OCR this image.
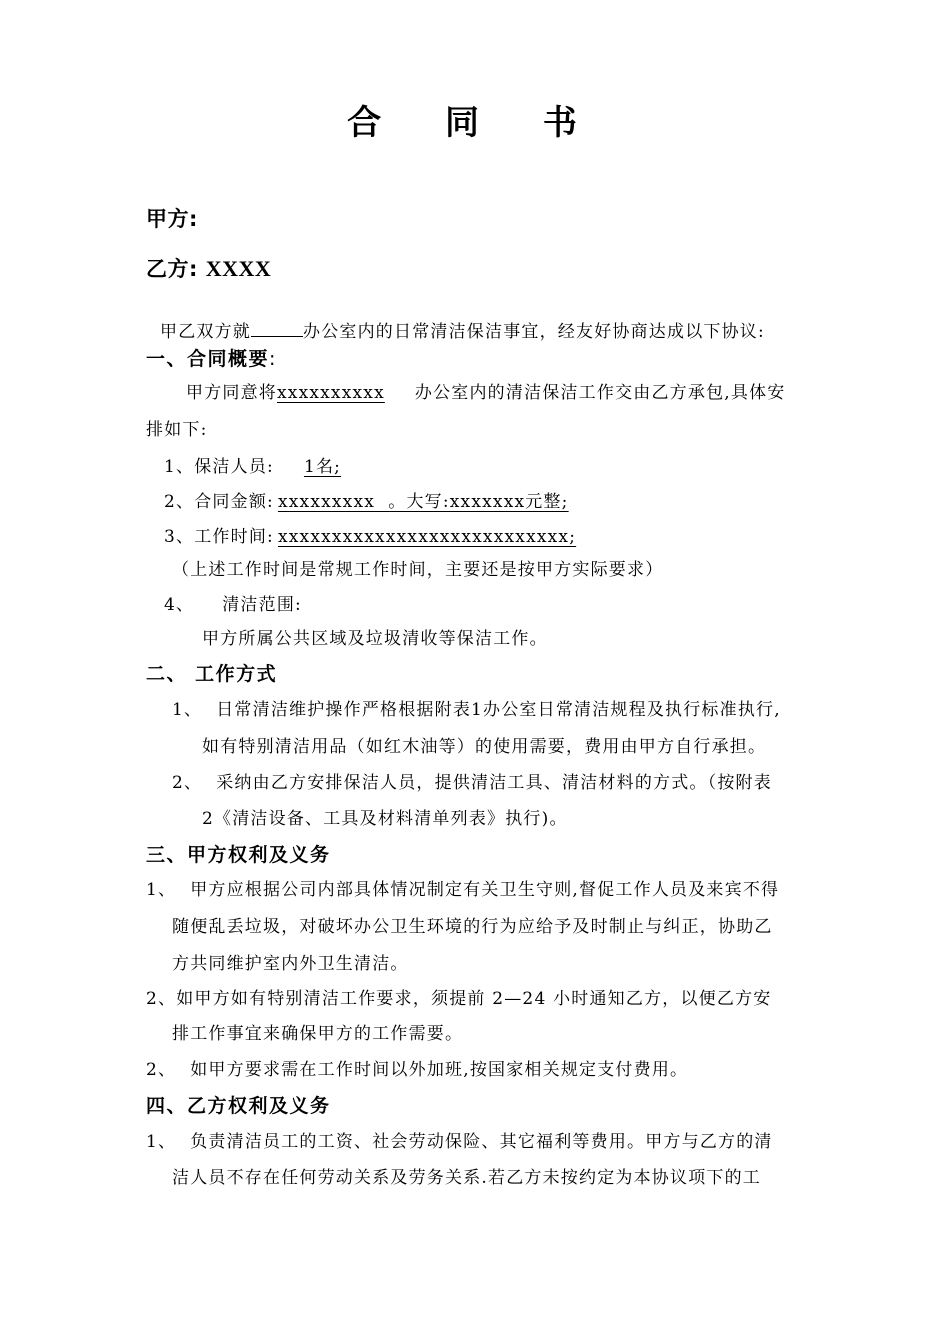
合 同 书
甲方:
乙方: XXXX
甲乙双方就	办公室内的日常清洁保洁事宜，经友好协商达成以下协议:
一、合同概要:
甲方同意将xxxxxxxxxx 办公室内的清洁保洁工作交由乙方承包,具体安
排如下:
1、保洁人员: 1名;
2、合同金额: xxxxxxxxx  。大写:xxxxxxx元整;
3、工作时间: xxxxxxxxxxxxxxxxxxxxxxxxxxx;
（上述工作时间是常规工作时间，主要还是按甲方实际要求）
4、 清洁范围:
甲方所属公共区域及垃圾清收等保洁工作。
二、 工作方式
1、 日常清洁维护操作严格根据附表1办公室日常清洁规程及执行标准执行,
如有特别清洁用品（如红木油等）的使用需要，费用由甲方自行承担。
2、 采纳由乙方安排保洁人员，提供清洁工具、清洁材料的方式。（按附表
2《清洁设备、工具及材料清单列表》执行)。
三、甲方权利及义务
1、 甲方应根据公司内部具体情况制定有关卫生守则,督促工作人员及来宾不得
随便乱丢垃圾，对破坏办公卫生环境的行为应给予及时制止与纠正，协助乙
方共同维护室内外卫生清洁。
2、如甲方如有特别清洁工作要求，须提前 2—24 小时通知乙方，以便乙方安
排工作事宜来确保甲方的工作需要。
2、 如甲方要求需在工作时间以外加班,按国家相关规定支付费用。
四、乙方权利及义务
1、 负责清洁员工的工资、社会劳动保险、其它福利等费用。甲方与乙方的清
洁人员不存在任何劳动关系及劳务关系.若乙方未按约定为本协议项下的工
